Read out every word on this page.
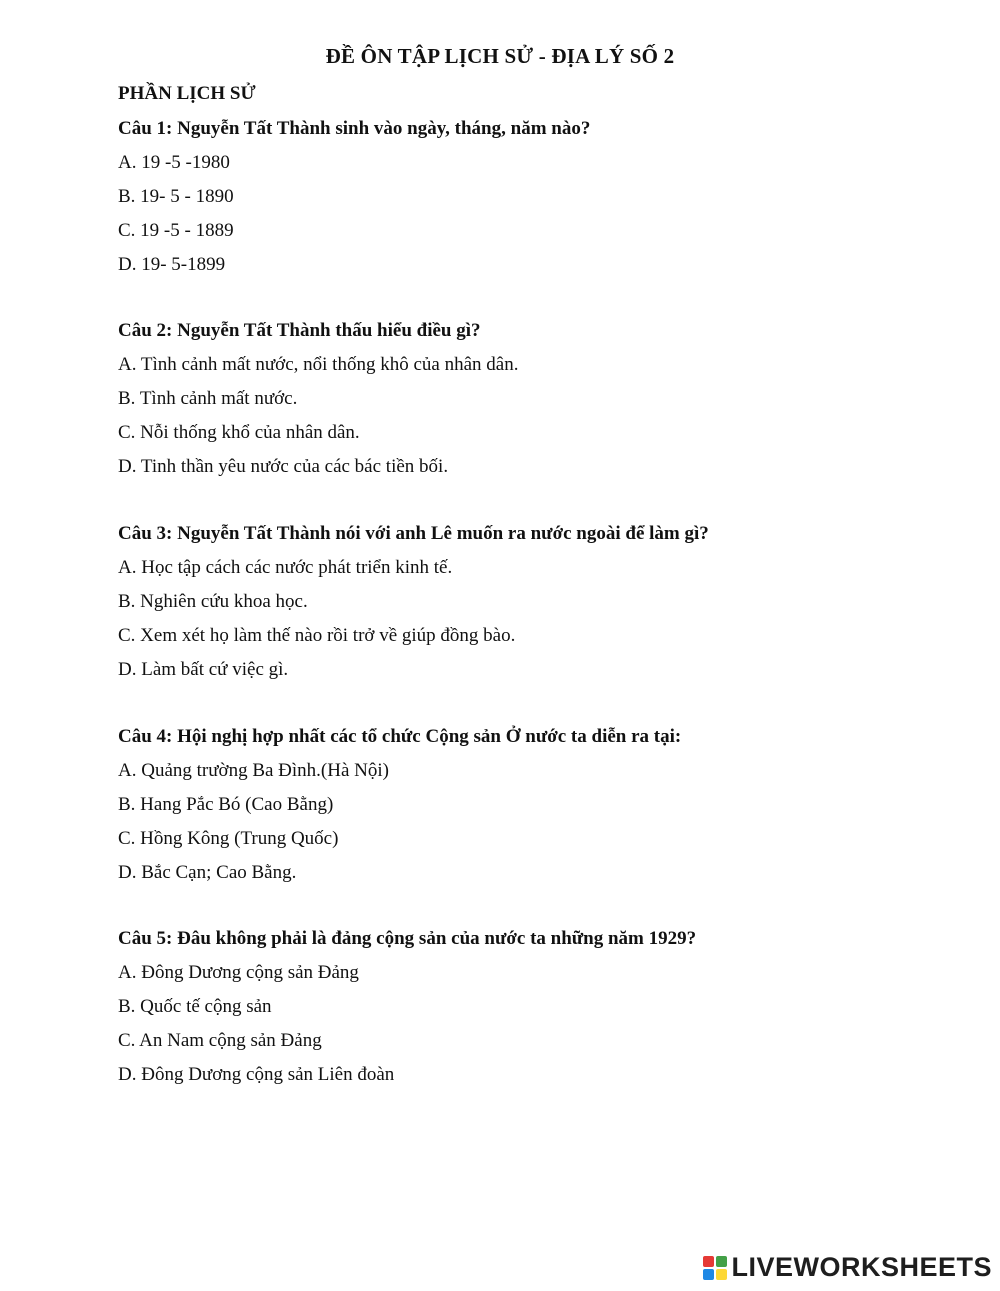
ĐỀ ÔN TẬP LỊCH SỬ - ĐỊA LÝ SỐ 2
PHẦN LỊCH SỬ
Câu 1: Nguyễn Tất Thành sinh vào ngày, tháng, năm nào?
A. 19 -5 -1980
B. 19- 5 - 1890
C. 19 -5 - 1889
D. 19- 5-1899
Câu 2: Nguyễn Tất Thành thấu hiểu điều gì?
A. Tình cảnh mất nước, nổi thống khô của nhân dân.
B. Tình cảnh mất nước.
C. Nỗi thống khổ của nhân dân.
D. Tinh thần yêu nước của các bác tiền bối.
Câu 3: Nguyễn Tất Thành nói với anh Lê muốn ra nước ngoài để làm gì?
A. Học tập cách các nước phát triển kinh tế.
B. Nghiên cứu khoa học.
C. Xem xét họ làm thế nào rồi trở về giúp đồng bào.
D. Làm bất cứ việc gì.
Câu 4: Hội nghị hợp nhất các tổ chức Cộng sản Ở nước ta diễn ra tại:
A. Quảng trường Ba Đình.(Hà Nội)
B. Hang Pắc Bó (Cao Bằng)
C. Hồng Kông (Trung Quốc)
D. Bắc Cạn; Cao Bằng.
Câu 5: Đâu không phải là đảng cộng sản của nước ta những năm 1929?
A. Đông Dương cộng sản Đảng
B. Quốc tế cộng sản
C. An Nam cộng sản Đảng
D. Đông Dương cộng sản Liên đoàn
LIVEWORKSHEETS
